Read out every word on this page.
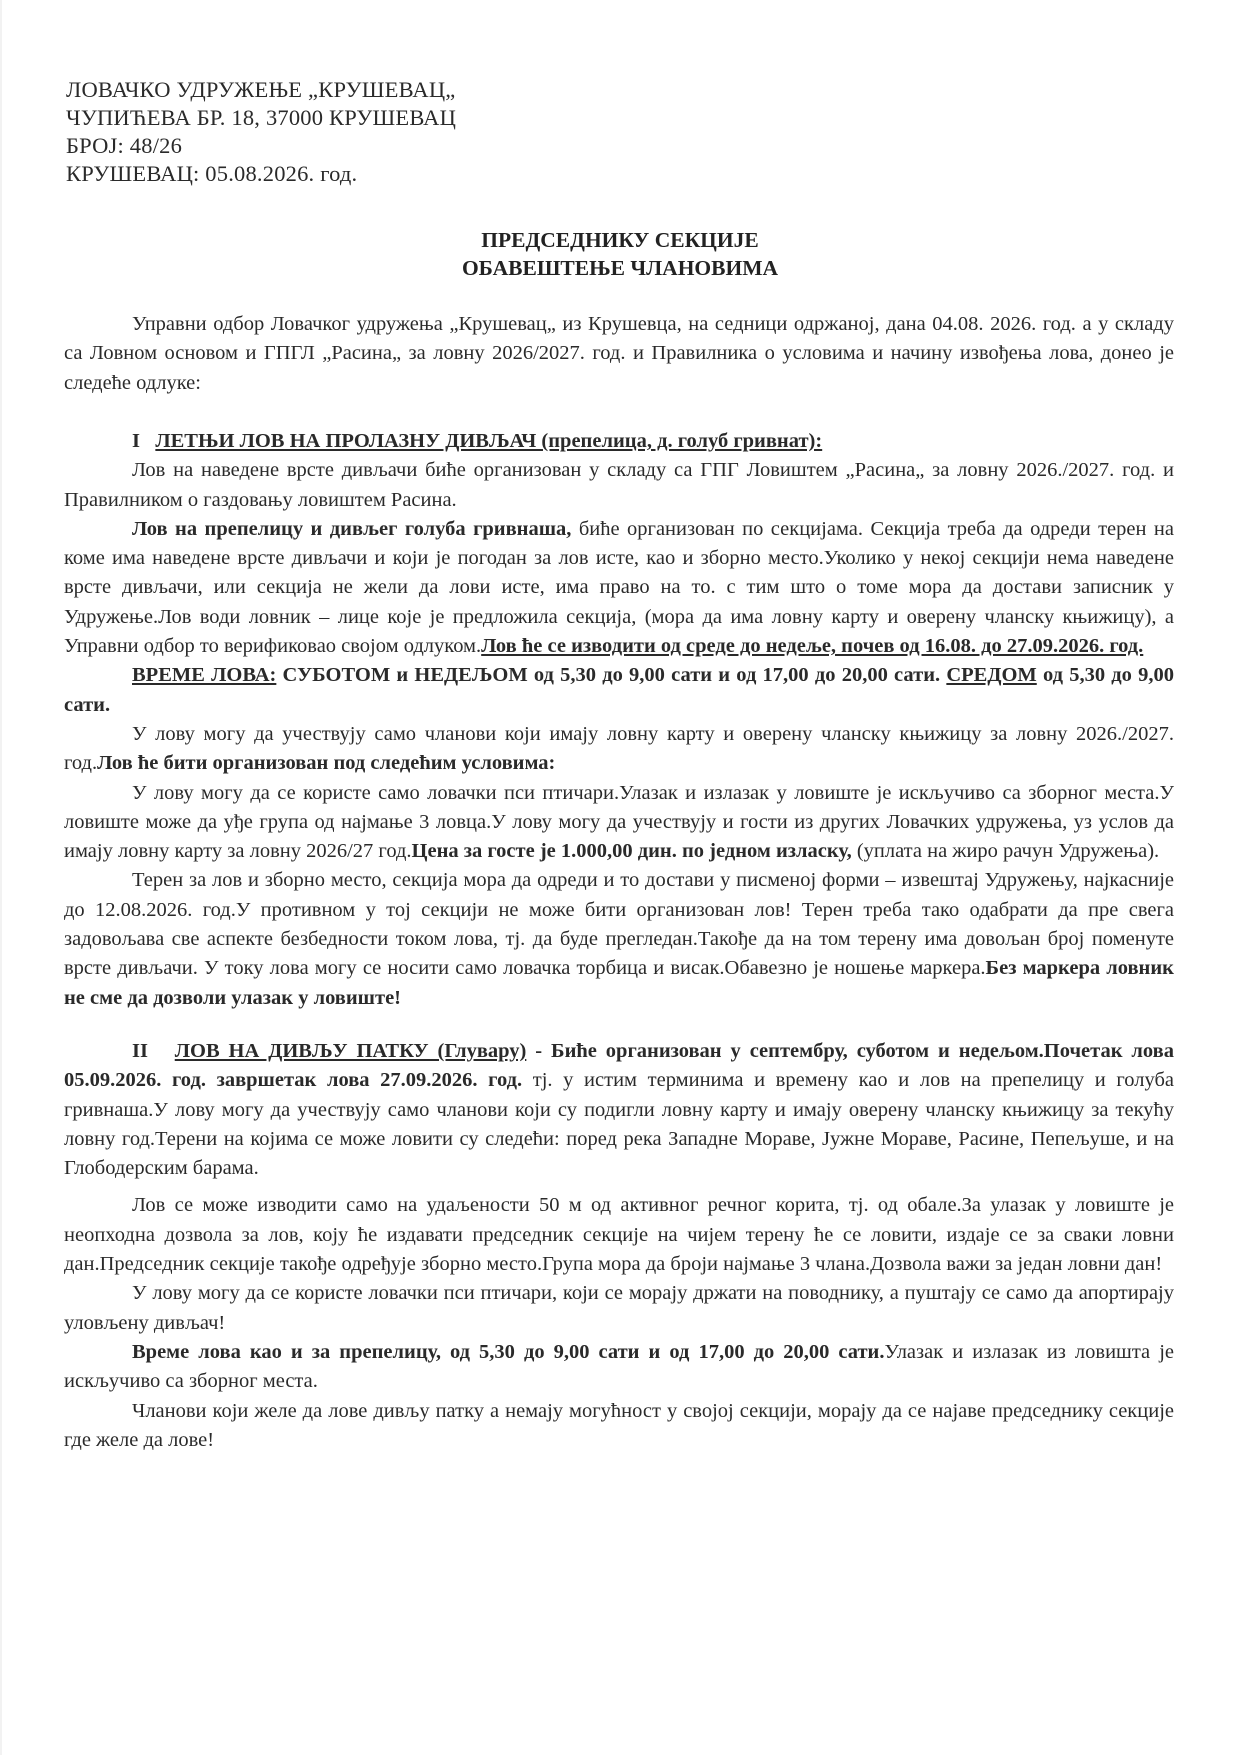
ЛОВАЧКО УДРУЖЕЊЕ „КРУШЕВАЦ„
ЧУПИЋЕВА БР. 18, 37000 КРУШЕВАЦ
БРОЈ: 48/26
КРУШЕВАЦ: 05.08.2026. год.
ПРЕДСЕДНИКУ СЕКЦИЈЕ
ОБАВЕШТЕЊЕ ЧЛАНОВИМА

Управни одбор Ловачког удружења „Крушевац„ из Крушевца, на седници одржаној, дана 04.08. 2026. год. а у складу са Ловном основом и ГПГЛ „Расина„ за ловну 2026/2027. год. и Правилника о условима и начину извођења лова, донео је следеће одлуке:

I ЛЕТЊИ ЛОВ НА ПРОЛАЗНУ ДИВЉАЧ (препелица, д. голуб гривнат):

Лов на наведене врсте дивљачи биће организован у складу са ГПГ Ловиштем „Расина„ за ловну 2026./2027. год. и Правилником о газдовању ловиштем Расина.

Лов на препелицу и дивљег голуба гривнаша, биће организован по секцијама. Секција треба да одреди терен на коме има наведене врсте дивљачи и који је погодан за лов исте, као и зборно место.Уколико у некој секцији нема наведене врсте дивљачи, или секција не жели да лови исте, има право на то. с тим што о томе мора да достави записник у Удружење.Лов води ловник – лице које је предложила секција, (мора да има ловну карту и оверену чланску књижицу), а Управни одбор то верификовао својом одлуком.Лов ће се изводити од среде до недеље, почев од 16.08. до 27.09.2026. год.

ВРЕМЕ ЛОВА: СУБОТОМ и НЕДЕЉОМ од 5,30 до 9,00 сати и од 17,00 до 20,00 сати. СРЕДОМ од 5,30 до 9,00 сати.

У лову могу да учествују само чланови који имају ловну карту и оверену чланску књижицу за ловну 2026./2027. год.Лов ће бити организован под следећим условима:

У лову могу да се користе само ловачки пси птичари.Улазак и излазак у ловиште је искључиво са зборног места.У ловиште може да уђе група од најмање 3 ловца.У лову могу да учествују и гости из других Ловачких удружења, уз услов да имају ловну карту за ловну 2026/27 год.Цена за госте је 1.000,00 дин. по једном изласку, (уплата на жиро рачун Удружења).

Терен за лов и зборно место, секција мора да одреди и то достави у писменој форми – извештај Удружењу, најкасније до 12.08.2026. год.У противном у тој секцији не може бити организован лов! Терен треба тако одабрати да пре свега задовољава све аспекте безбедности током лова, тј. да буде прегледан.Такође да на том терену има довољан број поменуте врсте дивљачи. У току лова могу се носити само ловачка торбица и висак.Обавезно је ношење маркера.Без маркера ловник не сме да дозволи улазак у ловиште!

II ЛОВ НА ДИВЉУ ПАТКУ (Глувару) - Биће организован у септембру, суботом и недељом.Почетак лова 05.09.2026. год. завршетак лова 27.09.2026. год. тј. у истим терминима и времену као и лов на препелицу и голуба гривнаша.У лову могу да учествују само чланови који су подигли ловну карту и имају оверену чланску књижицу за текућу ловну год.Терени на којима се може ловити су следећи: поред река Западне Мораве, Јужне Мораве, Расине, Пепељуше, и на Глободерским барама.

Лов се може изводити само на удаљености 50 м од активног речног корита, тј. од обале.За улазак у ловиште је неопходна дозвола за лов, коју ће издавати председник секције на чијем терену ће се ловити, издаје се за сваки ловни дан.Председник секције такође одређује зборно место.Група мора да броји најмање 3 члана.Дозвола важи за један ловни дан!

У лову могу да се користе ловачки пси птичари, који се морају држати на поводнику, а пуштају се само да апортирају уловљену дивљач!

Време лова као и за препелицу, од 5,30 до 9,00 сати и од 17,00 до 20,00 сати.Улазак и излазак из ловишта је искључиво са зборног места.

Чланови који желе да лове дивљу патку а немају могућност у својој секцији, морају да се најаве председнику секције где желе да лове!
